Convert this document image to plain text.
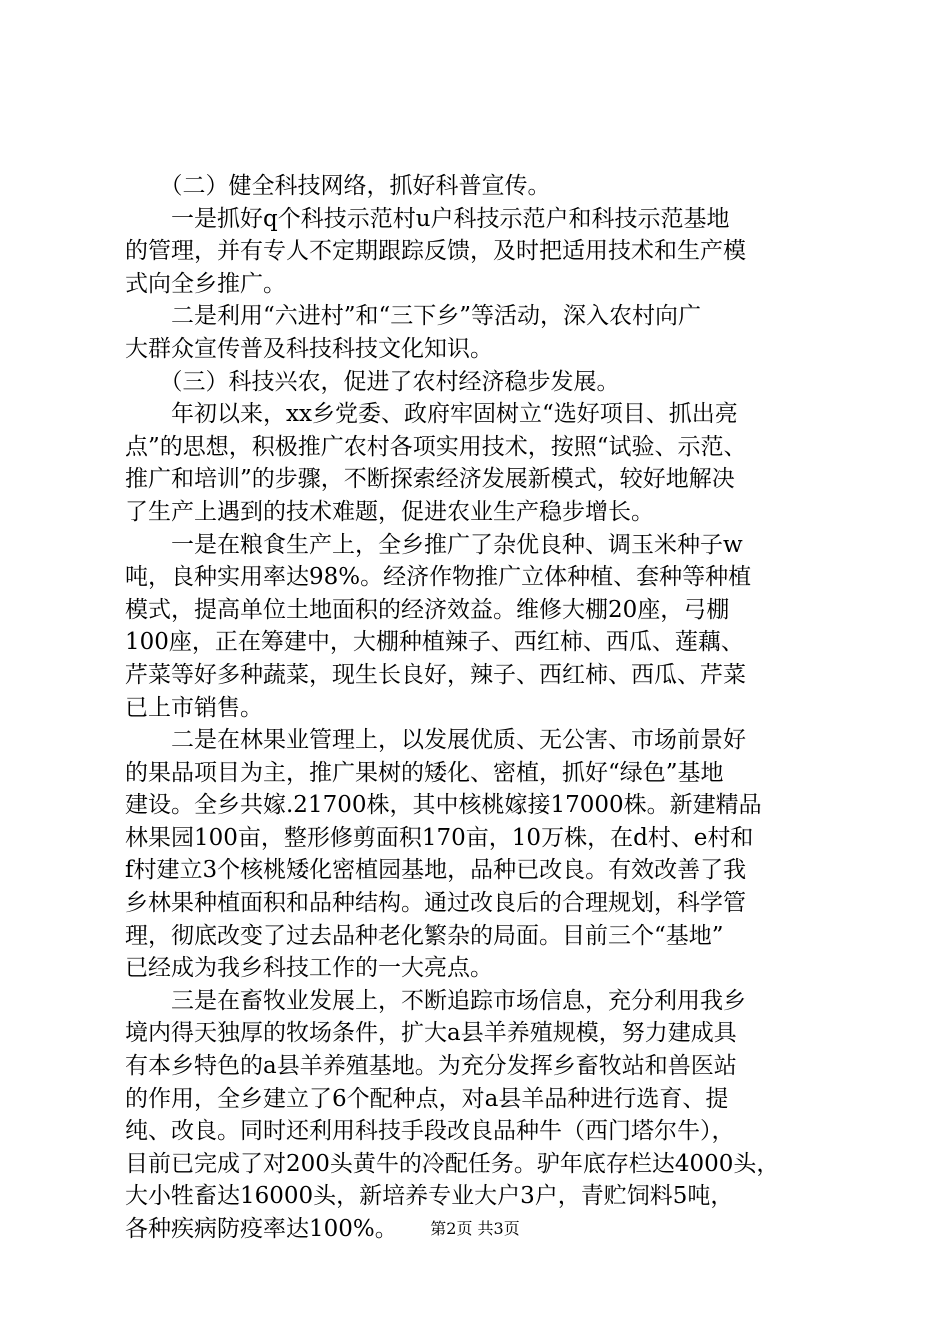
　　（二）健全科技网络，抓好科普宣传。
　　一是抓好q个科技示范村u户科技示范户和科技示范基地
的管理，并有专人不定期跟踪反馈，及时把适用技术和生产模
式向全乡推广。
　　二是利用“六进村”和“三下乡”等活动，深入农村向广
大群众宣传普及科技科技文化知识。
　　（三）科技兴农，促进了农村经济稳步发展。
　　年初以来，xx乡党委、政府牢固树立“选好项目、抓出亮
点”的思想，积极推广农村各项实用技术，按照“试验、示范、
推广和培训”的步骤，不断探索经济发展新模式，较好地解决
了生产上遇到的技术难题，促进农业生产稳步增长。
　　一是在粮食生产上，全乡推广了杂优良种、调玉米种子w
吨，良种实用率达98%。经济作物推广立体种植、套种等种植
模式，提高单位土地面积的经济效益。维修大棚20座，弓棚
100座，正在筹建中，大棚种植辣子、西红柿、西瓜、莲藕、
芹菜等好多种蔬菜，现生长良好，辣子、西红柿、西瓜、芹菜
已上市销售。
　　二是在林果业管理上，以发展优质、无公害、市场前景好
的果品项目为主，推广果树的矮化、密植，抓好“绿色”基地
建设。全乡共嫁.21700株，其中核桃嫁接17000株。新建精品
林果园100亩，整形修剪面积170亩，10万株，在d村、e村和
f村建立3个核桃矮化密植园基地，品种已改良。有效改善了我
乡林果种植面积和品种结构。通过改良后的合理规划，科学管
理，彻底改变了过去品种老化繁杂的局面。目前三个“基地”
已经成为我乡科技工作的一大亮点。
　　三是在畜牧业发展上，不断追踪市场信息，充分利用我乡
境内得天独厚的牧场条件，扩大a县羊养殖规模，努力建成具
有本乡特色的a县羊养殖基地。为充分发挥乡畜牧站和兽医站
的作用，全乡建立了6个配种点，对a县羊品种进行选育、提
纯、改良。同时还利用科技手段改良品种牛（西门塔尔牛），
目前已完成了对200头黄牛的冷配任务。驴年底存栏达4000头，
大小牲畜达16000头，新培养专业大户3户，青贮饲料5吨，
各种疾病防疫率达100%。	第2页 共3页
